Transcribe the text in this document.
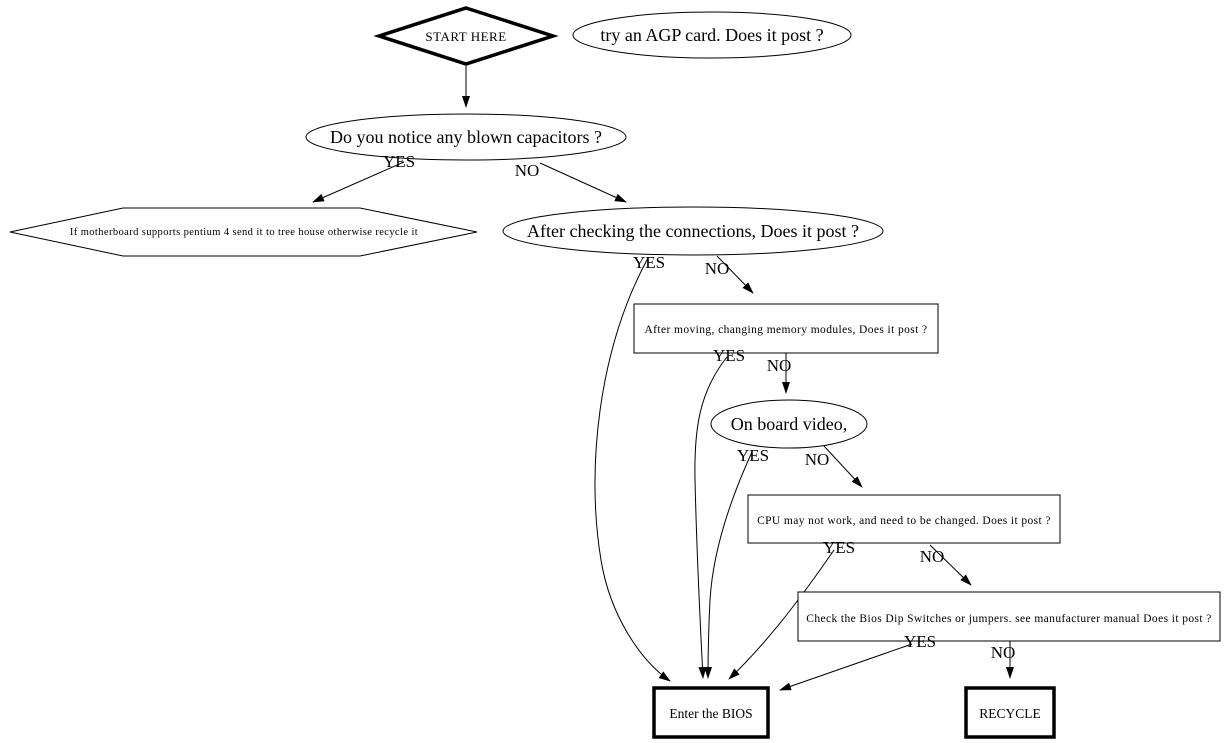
START HERE	try an AGP card. Does it post ?
Do you notice any blown capacitors ?
If motherboard supports pentium 4 send it to tree house otherwise recycle it	After checking the connections, Does it post ?
After moving, changing memory modules, Does it post ?
On board video,
CPU may not work, and need to be changed. Does it post ?
Check the Bios Dip Switches or jumpers. see manufacturer manual Does it post ?
Enter the BIOS	RECYCLE
YES	NO
YES NO
YES
NO
YES NO
YES	NO
YES
NO
